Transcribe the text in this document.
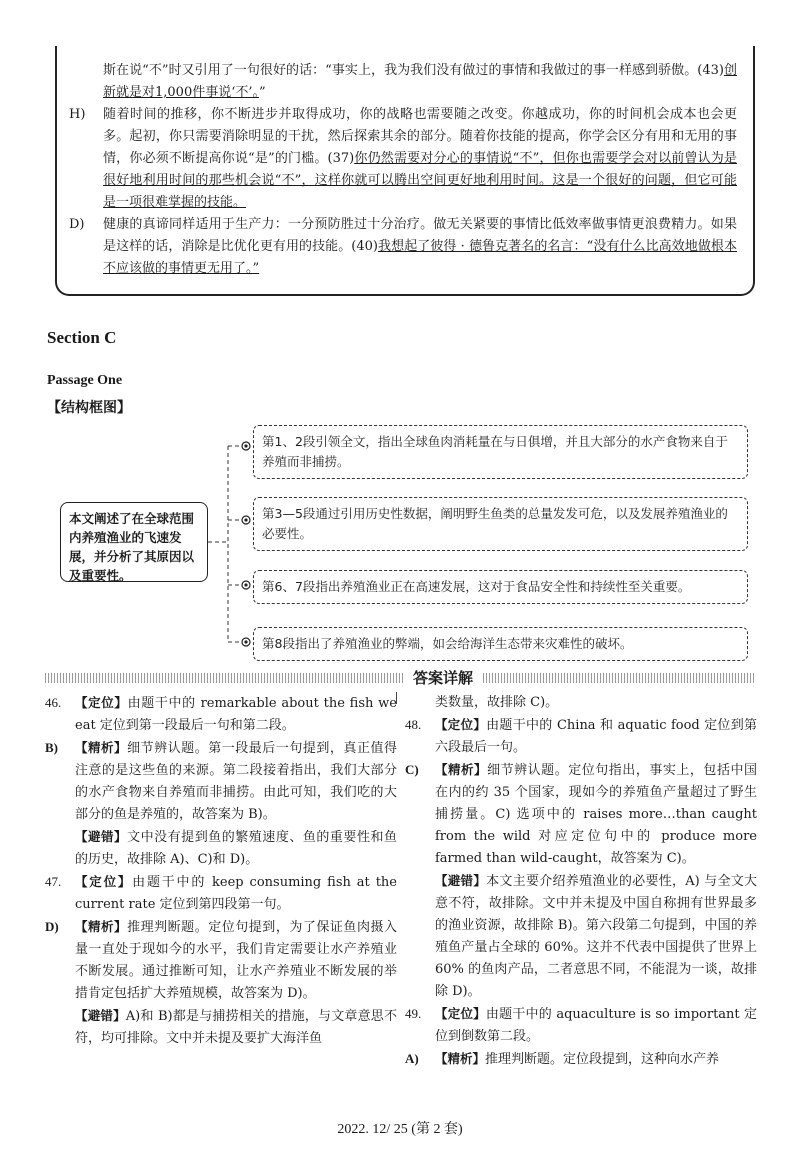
斯在说“不”时又引用了一句很好的话：“事实上，我为我们没有做过的事情和我做过的事一样感到骄傲。(43)创新就是对1,000件事说‘不’。”
H)	随着时间的推移，你不断进步并取得成功，你的战略也需要随之改变。你越成功，你的时间机会成本也会更多。起初，你只需要消除明显的干扰，然后探索其余的部分。随着你技能的提高，你学会区分有用和无用的事情，你必须不断提高你说“是”的门槛。(37)你仍然需要对分心的事情说“不”，但你也需要学会对以前曾认为是很好地利用时间的那些机会说“不”，这样你就可以腾出空间更好地利用时间。这是一个很好的问题，但它可能是一项很难掌握的技能。
D)	健康的真谛同样适用于生产力：一分预防胜过十分治疗。做无关紧要的事情比低效率做事情更浪费精力。如果是这样的话，消除是比优化更有用的技能。(40)我想起了彼得 · 德鲁克著名的名言：“没有什么比高效地做根本不应该做的事情更无用了。”
Section C
Passage One
【结构框图】
本文阐述了在全球范围内养殖渔业的飞速发展，并分析了其原因以及重要性。
第1、2段引领全文，指出全球鱼肉消耗量在与日俱增，并且大部分的水产食物来自于养殖而非捕捞。
第3—5段通过引用历史性数据，阐明野生鱼类的总量发发可危，以及发展养殖渔业的必要性。
第6、7段指出养殖渔业正在高速发展，这对于食品安全性和持续性至关重要。
第8段指出了养殖渔业的弊端，如会给海洋生态带来灾难性的破坏。
答案详解
46.	【定位】由题干中的 remarkable about the fish we eat 定位到第一段最后一句和第二段。
B)	【精析】细节辨认题。第一段最后一句提到，真正值得注意的是这些鱼的来源。第二段接着指出，我们大部分的水产食物来自养殖而非捕捞。由此可知，我们吃的大部分的鱼是养殖的，故答案为 B)。
【避错】文中没有提到鱼的繁殖速度、鱼的重要性和鱼的历史，故排除 A)、C)和 D)。
47.	【定位】由题干中的 keep consuming fish at the current rate 定位到第四段第一句。
D)	【精析】推理判断题。定位句提到，为了保证鱼肉摄入量一直处于现如今的水平，我们肯定需要让水产养殖业不断发展。通过推断可知，让水产养殖业不断发展的举措肯定包括扩大养殖规模，故答案为 D)。
【避错】A)和 B)都是与捕捞相关的措施，与文章意思不符，均可排除。文中并未提及要扩大海洋鱼
类数量，故排除 C)。
48.	【定位】由题干中的 China 和 aquatic food 定位到第六段最后一句。
C)	【精析】细节辨认题。定位句指出，事实上，包括中国在内的约 35 个国家，现如今的养殖鱼产量超过了野生捕捞量。C) 选项中的 raises more…than caught from the wild 对应定位句中的 produce more farmed than wild-caught，故答案为 C)。
【避错】本文主要介绍养殖渔业的必要性，A) 与全文大意不符，故排除。文中并未提及中国自称拥有世界最多的渔业资源，故排除 B)。第六段第二句提到，中国的养殖鱼产量占全球的 60%。这并不代表中国提供了世界上 60% 的鱼肉产品，二者意思不同，不能混为一谈，故排除 D)。
49.	【定位】由题干中的 aquaculture is so important 定位到倒数第二段。
A)	【精析】推理判断题。定位段提到，这种向水产养
2022. 12/ 25 (第 2 套)
